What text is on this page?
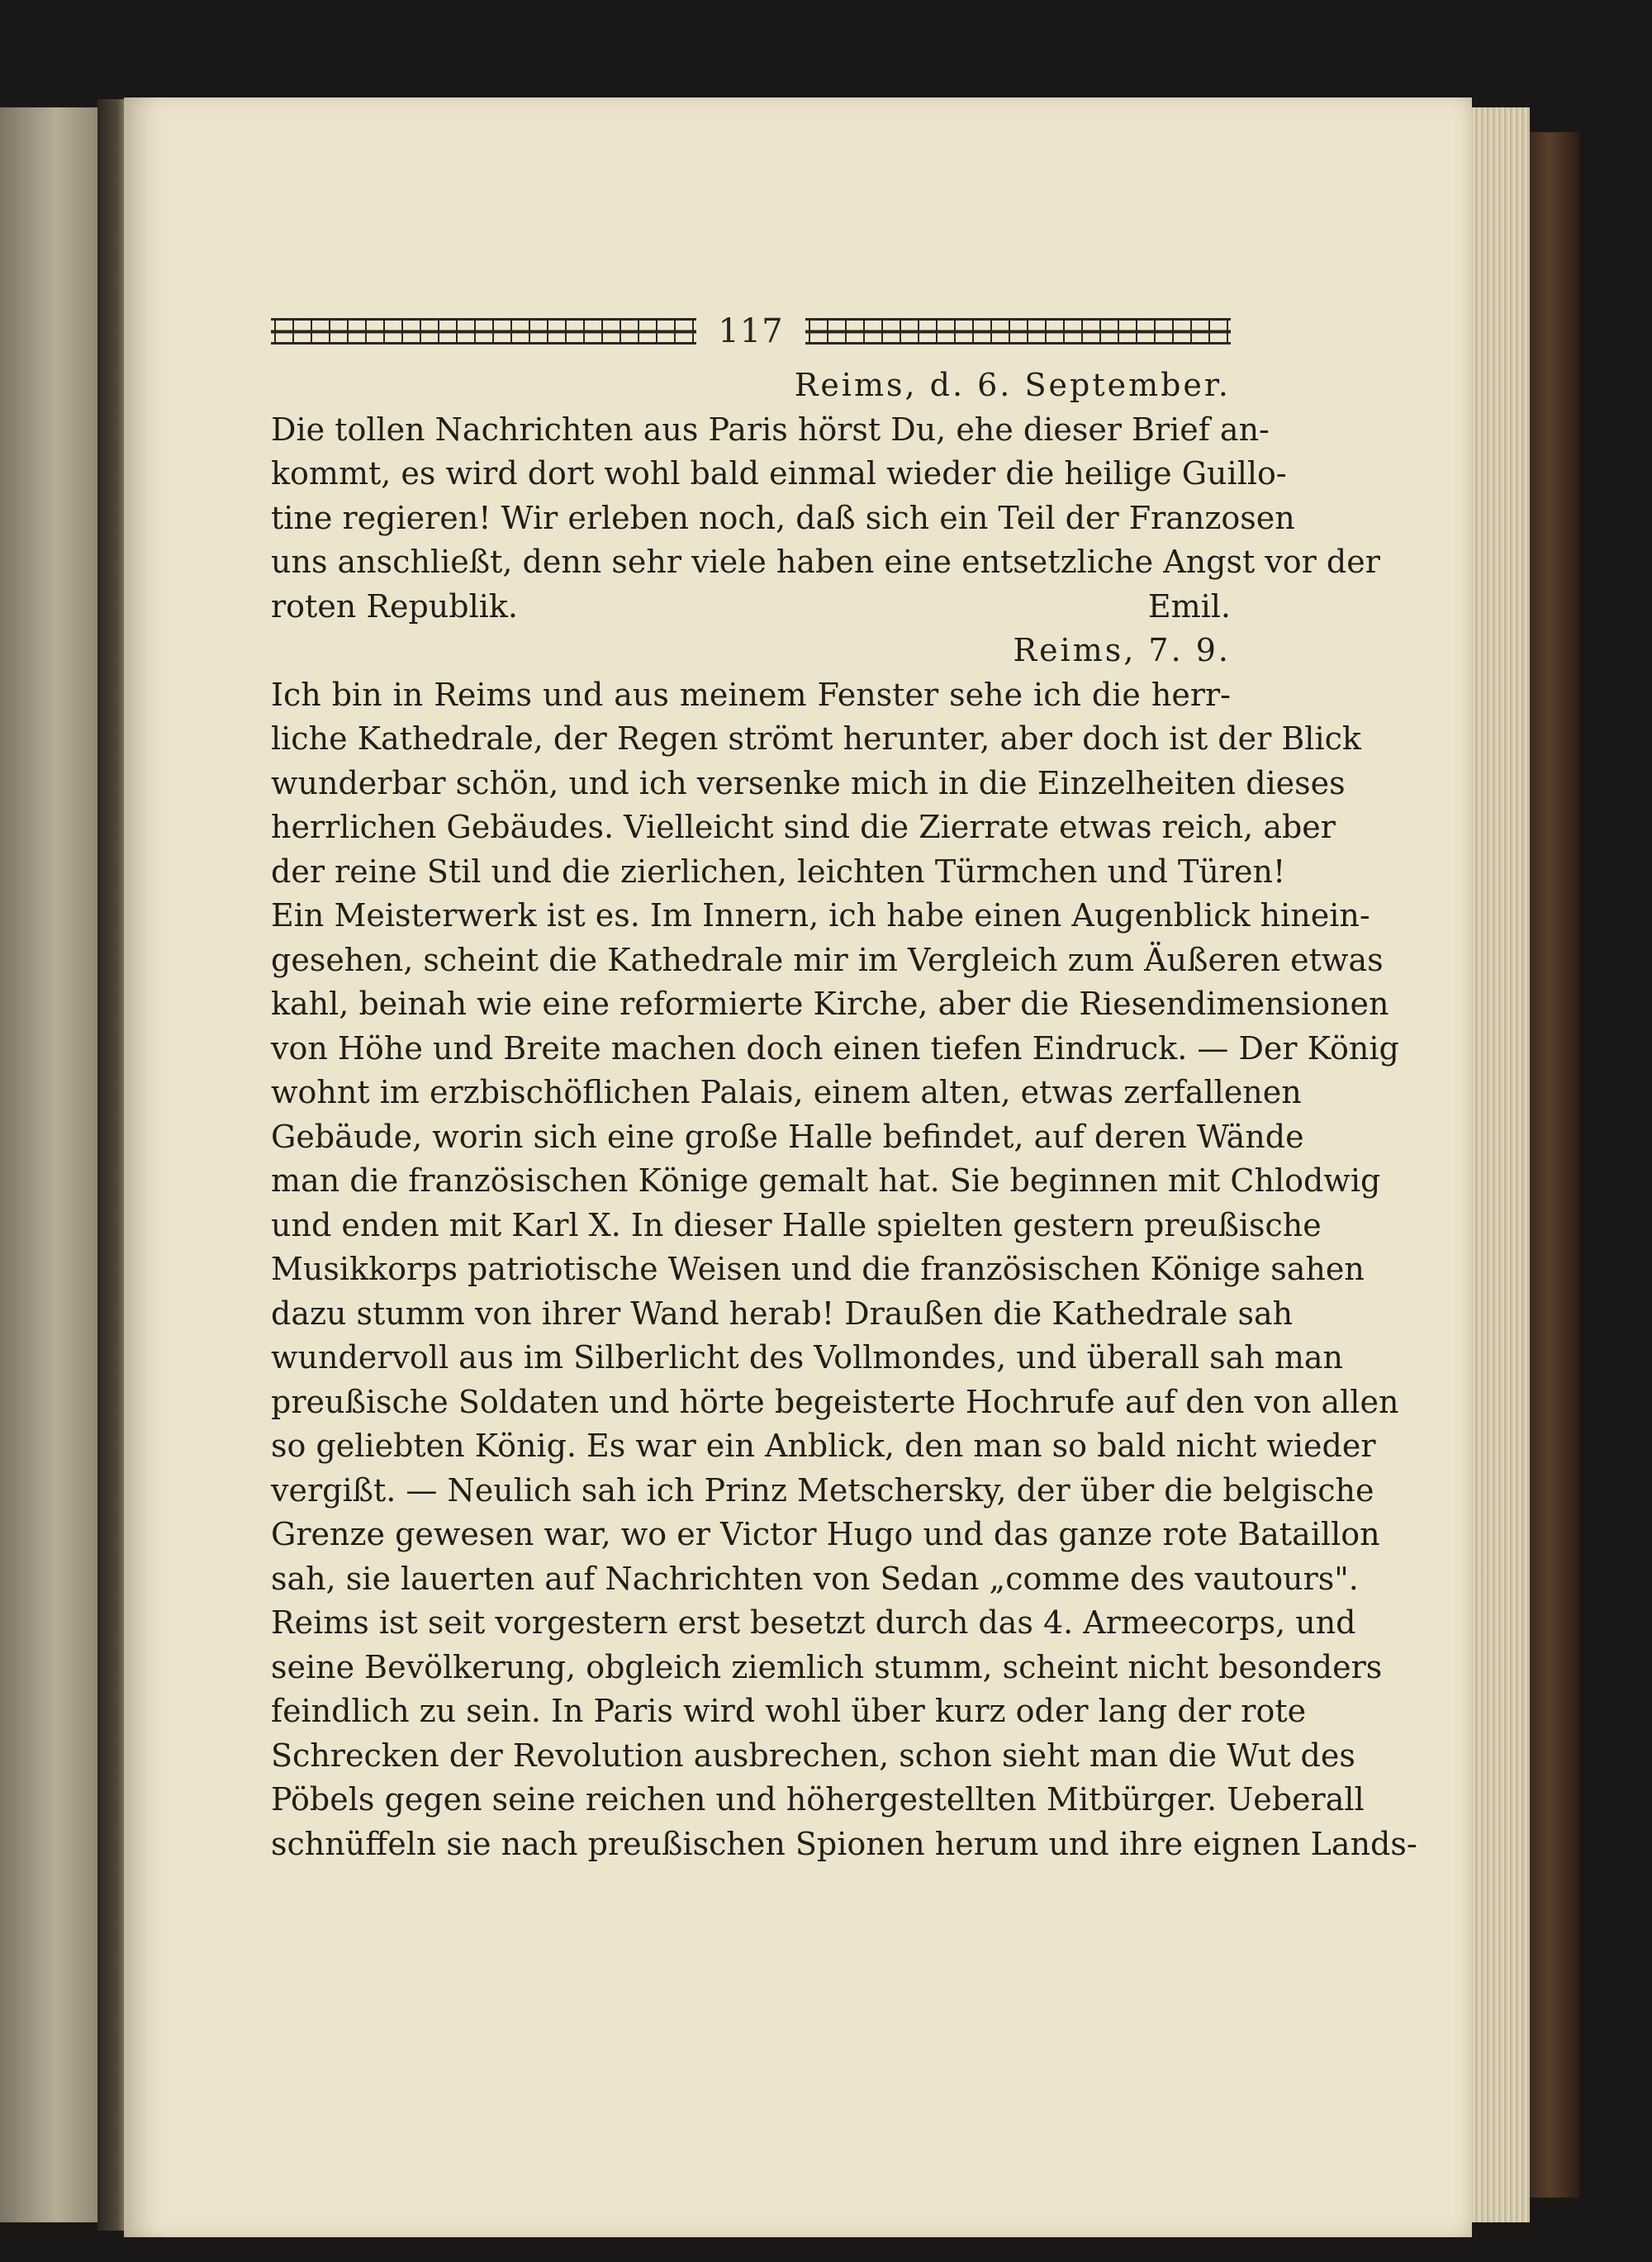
117
Reims, d. 6. September.
Die tollen Nachrichten aus Paris hörst Du, ehe dieser Brief an-
kommt, es wird dort wohl bald einmal wieder die heilige Guillo-
tine regieren! Wir erleben noch, daß sich ein Teil der Franzosen
uns anschließt, denn sehr viele haben eine entsetzliche Angst vor der
roten Republik.	Emil.
Reims, 7. 9.
Ich bin in Reims und aus meinem Fenster sehe ich die herr-
liche Kathedrale, der Regen strömt herunter, aber doch ist der Blick
wunderbar schön, und ich versenke mich in die Einzelheiten dieses
herrlichen Gebäudes. Vielleicht sind die Zierrate etwas reich, aber
der reine Stil und die zierlichen, leichten Türmchen und Türen!
Ein Meisterwerk ist es. Im Innern, ich habe einen Augenblick hinein-
gesehen, scheint die Kathedrale mir im Vergleich zum Äußeren etwas
kahl, beinah wie eine reformierte Kirche, aber die Riesendimensionen
von Höhe und Breite machen doch einen tiefen Eindruck. — Der König
wohnt im erzbischöflichen Palais, einem alten, etwas zerfallenen
Gebäude, worin sich eine große Halle befindet, auf deren Wände
man die französischen Könige gemalt hat. Sie beginnen mit Chlodwig
und enden mit Karl X. In dieser Halle spielten gestern preußische
Musikkorps patriotische Weisen und die französischen Könige sahen
dazu stumm von ihrer Wand herab! Draußen die Kathedrale sah
wundervoll aus im Silberlicht des Vollmondes, und überall sah man
preußische Soldaten und hörte begeisterte Hochrufe auf den von allen
so geliebten König. Es war ein Anblick, den man so bald nicht wieder
vergißt. — Neulich sah ich Prinz Metschersky, der über die belgische
Grenze gewesen war, wo er Victor Hugo und das ganze rote Bataillon
sah, sie lauerten auf Nachrichten von Sedan „comme des vautours".
Reims ist seit vorgestern erst besetzt durch das 4. Armeecorps, und
seine Bevölkerung, obgleich ziemlich stumm, scheint nicht besonders
feindlich zu sein. In Paris wird wohl über kurz oder lang der rote
Schrecken der Revolution ausbrechen, schon sieht man die Wut des
Pöbels gegen seine reichen und höhergestellten Mitbürger. Ueberall
schnüffeln sie nach preußischen Spionen herum und ihre eignen Lands-
